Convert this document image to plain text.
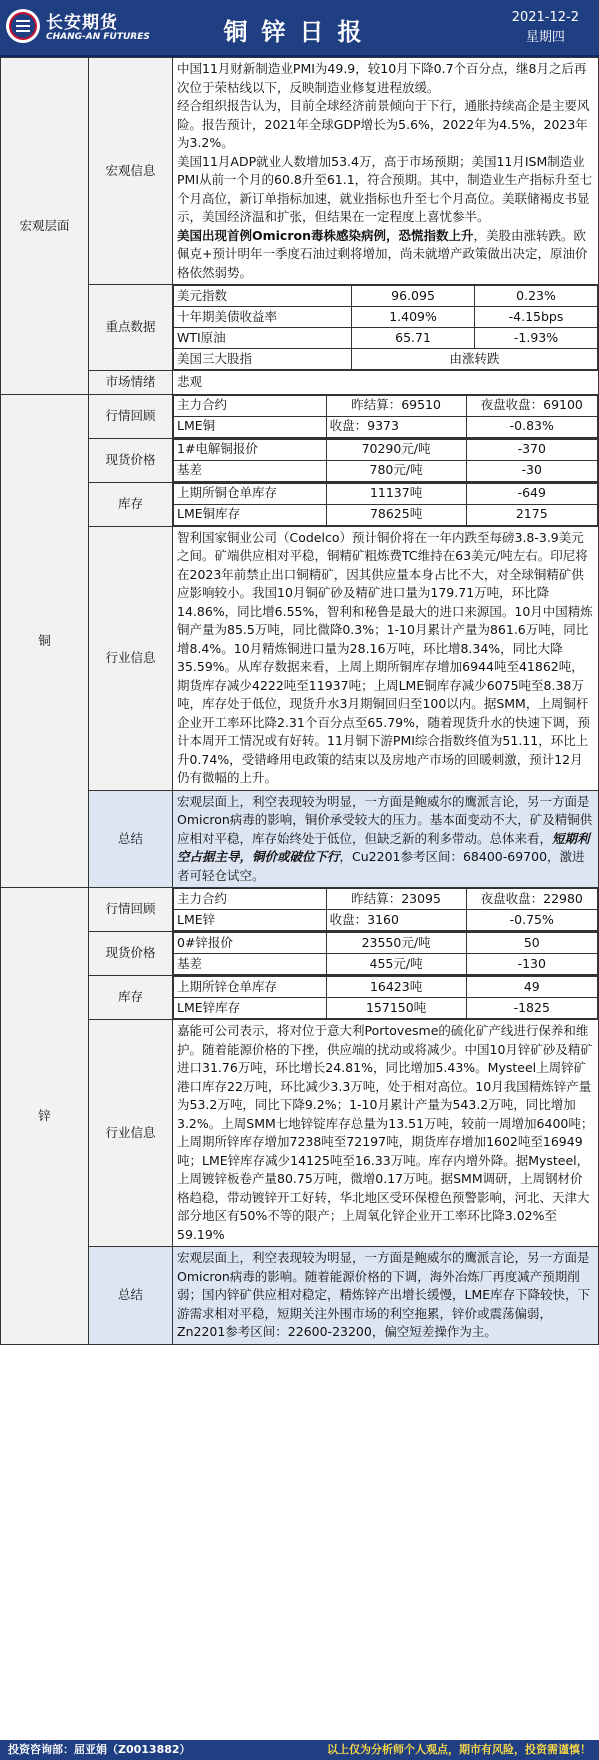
长安期货
CHANG-AN FUTURES	铜锌日报
2021-12-2
星期四
宏观层面	宏观信息	
中国11月财新制造业PMI为49.9，较10月下降0.7个百分点，继8月之后再次位于荣枯线以下，反映制造业修复进程放缓。
经合组织报告认为，目前全球经济前景倾向于下行，通胀持续高企是主要风险。报告预计，2021年全球GDP增长为5.6%，2022年为4.5%，2023年为3.2%。
美国11月ADP就业人数增加53.4万，高于市场预期；美国11月ISM制造业PMI从前一个月的60.8升至61.1，符合预期。其中，制造业生产指标升至七个月高位，新订单指标加速，就业指标也升至七个月高位。美联储褐皮书显示，美国经济温和扩张，但结果在一定程度上喜忧参半。
美国出现首例Omicron毒株感染病例，恐慌指数上升，美股由涨转跌。欧佩克+预计明年一季度石油过剩将增加，尚未就增产政策做出决定，原油价格依然弱势。

重点数据	
美元指数	96.095	0.23%
十年期美债收益率	1.409%	-4.15bps
WTI原油	65.71	-1.93%
美国三大股指	由涨转跌

市场情绪	悲观
铜	行情回顾	
主力合约	昨结算：69510	夜盘收盘：69100
LME铜	收盘：9373	-0.83%

现货价格	
1#电解铜报价	70290元/吨	-370
基差	780元/吨	-30

库存	
上期所铜仓单库存	11137吨	-649
LME铜库存	78625吨	2175

行业信息	智利国家铜业公司（Codelco）预计铜价将在一年内跌至每磅3.8-3.9美元之间。矿端供应相对平稳，铜精矿粗炼费TC维持在63美元/吨左右。印尼将在2023年前禁止出口铜精矿，因其供应量本身占比不大，对全球铜精矿供应影响较小。我国10月铜矿砂及精矿进口量为179.71万吨，环比降14.86%，同比增6.55%，智利和秘鲁是最大的进口来源国。10月中国精炼铜产量为85.5万吨，同比微降0.3%；1-10月累计产量为861.6万吨，同比增8.4%。10月精炼铜进口量为28.16万吨，环比增8.34%，同比大降35.59%。从库存数据来看，上周上期所铜库存增加6944吨至41862吨，期货库存减少4222吨至11937吨；上周LME铜库存减少6075吨至8.38万吨，库存处于低位，现货升水3月期铜回归至100以内。据SMM，上周铜杆企业开工率环比降2.31个百分点至65.79%，随着现货升水的快速下调，预计本周开工情况或有好转。11月铜下游PMI综合指数终值为51.11，环比上升0.74%，受错峰用电政策的结束以及房地产市场的回暖刺激，预计12月仍有微幅的上升。
总结	宏观层面上，利空表现较为明显，一方面是鲍威尔的鹰派言论，另一方面是Omicron病毒的影响，铜价承受较大的压力。基本面变动不大，矿及精铜供应相对平稳，库存始终处于低位，但缺乏新的利多带动。总体来看，短期利空占据主导，铜价或破位下行，Cu2201参考区间：68400-69700，激进者可轻仓试空。
锌	行情回顾	
主力合约	昨结算：23095	夜盘收盘：22980
LME锌	收盘：3160	-0.75%

现货价格	
0#锌报价	23550元/吨	50
基差	455元/吨	-130

库存	
上期所锌仓单库存	16423吨	49
LME锌库存	157150吨	-1825

行业信息	嘉能可公司表示，将对位于意大利Portovesme的硫化矿产线进行保养和维护。随着能源价格的下挫，供应端的扰动或将减少。中国10月锌矿砂及精矿进口31.76万吨，环比增长24.81%，同比增加5.43%。Mysteel上周锌矿港口库存22万吨，环比减少3.3万吨，处于相对高位。10月我国精炼锌产量为53.2万吨，同比下降9.2%；1-10月累计产量为543.2万吨，同比增加3.2%。上周SMM七地锌锭库存总量为13.51万吨，较前一周增加6400吨；上周期所锌库存增加7238吨至72197吨，期货库存增加1602吨至16949吨；LME锌库存减少14125吨至16.33万吨。库存内增外降。据Mysteel，上周镀锌板卷产量80.75万吨，微增0.17万吨。据SMM调研，上周钢材价格趋稳，带动镀锌开工好转，华北地区受环保橙色预警影响，河北、天津大部分地区有50%不等的限产；上周氧化锌企业开工率环比降3.02%至59.19%
总结	宏观层面上，利空表现较为明显，一方面是鲍威尔的鹰派言论，另一方面是Omicron病毒的影响。随着能源价格的下调，海外冶炼厂再度减产预期削弱；国内锌矿供应相对稳定，精炼锌产出增长缓慢，LME库存下降较快，下游需求相对平稳，短期关注外围市场的利空拖累，锌价或震荡偏弱，Zn2201参考区间：22600-23200，偏空短差操作为主。
投资咨询部：屈亚娟（Z0013882）	以上仅为分析师个人观点，期市有风险，投资需谨慎！
